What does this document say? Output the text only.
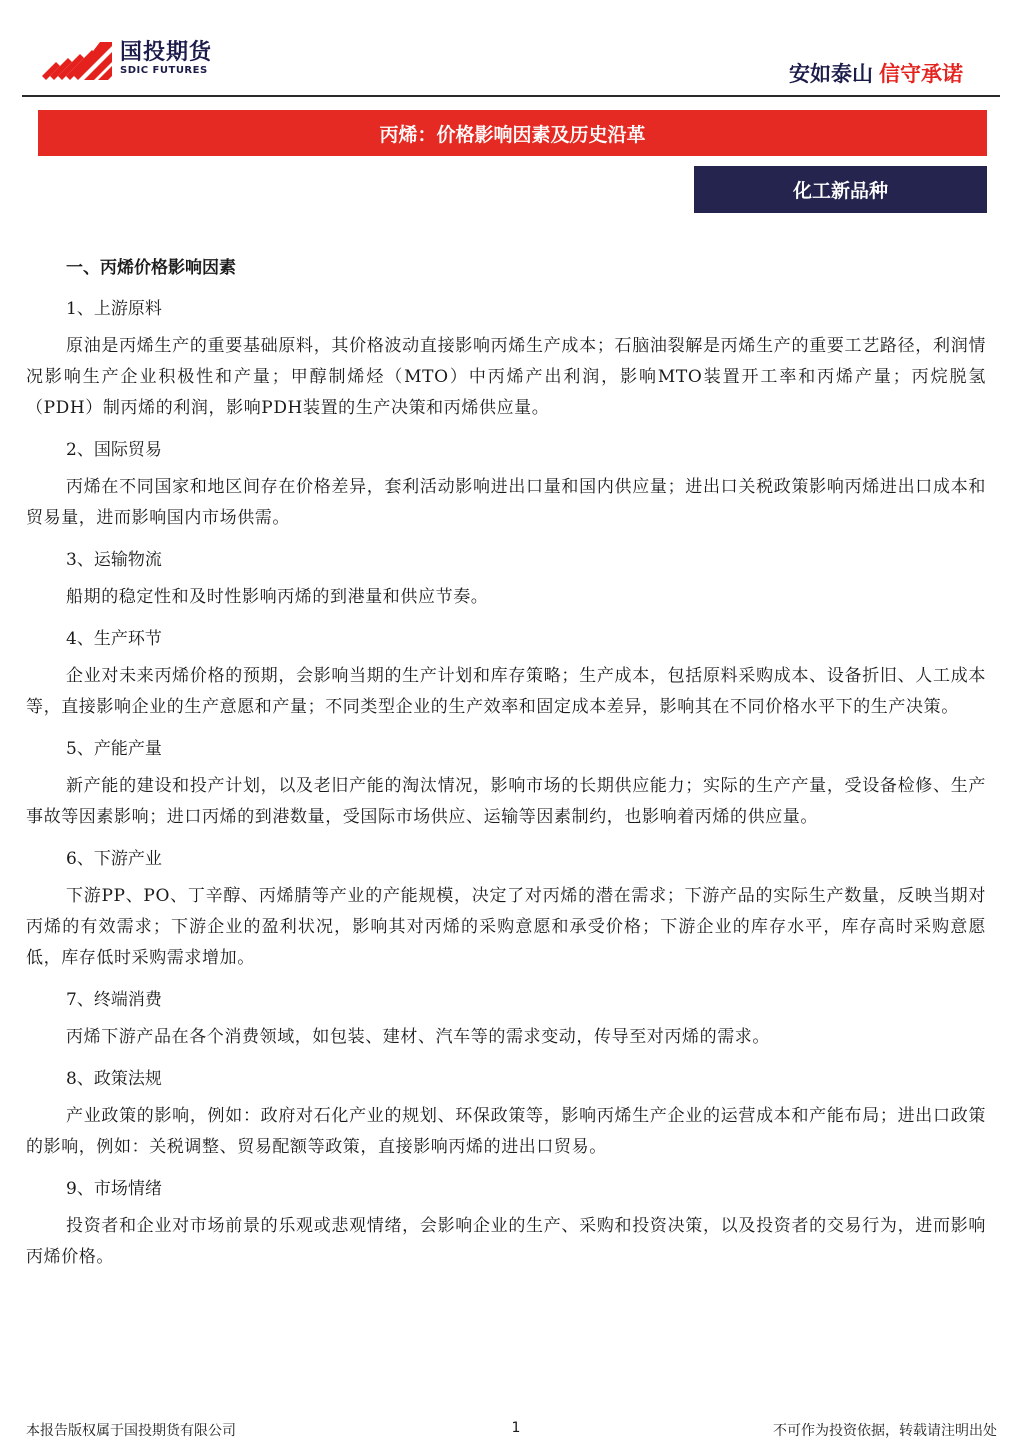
国投期货
SDIC FUTURES	安如泰山 信守承诺
丙烯：价格影响因素及历史沿革
化工新品种
一、丙烯价格影响因素
1、上游原料

原油是丙烯生产的重要基础原料，其价格波动直接影响丙烯生产成本；石脑油裂解是丙烯生产的重要工艺路径，利润情况影响生产企业积极性和产量；甲醇制烯烃（MTO）中丙烯产出利润，影响MTO装置开工率和丙烯产量；丙烷脱氢（PDH）制丙烯的利润，影响PDH装置的生产决策和丙烯供应量。

2、国际贸易

丙烯在不同国家和地区间存在价格差异，套利活动影响进出口量和国内供应量；进出口关税政策影响丙烯进出口成本和贸易量，进而影响国内市场供需。

3、运输物流

船期的稳定性和及时性影响丙烯的到港量和供应节奏。

4、生产环节

企业对未来丙烯价格的预期，会影响当期的生产计划和库存策略；生产成本，包括原料采购成本、设备折旧、人工成本等，直接影响企业的生产意愿和产量；不同类型企业的生产效率和固定成本差异，影响其在不同价格水平下的生产决策。

5、产能产量

新产能的建设和投产计划，以及老旧产能的淘汰情况，影响市场的长期供应能力；实际的生产产量，受设备检修、生产事故等因素影响；进口丙烯的到港数量，受国际市场供应、运输等因素制约，也影响着丙烯的供应量。

6、下游产业

下游PP、PO、丁辛醇、丙烯腈等产业的产能规模，决定了对丙烯的潜在需求；下游产品的实际生产数量，反映当期对丙烯的有效需求；下游企业的盈利状况，影响其对丙烯的采购意愿和承受价格；下游企业的库存水平，库存高时采购意愿低，库存低时采购需求增加。

7、终端消费

丙烯下游产品在各个消费领域，如包装、建材、汽车等的需求变动，传导至对丙烯的需求。

8、政策法规

产业政策的影响，例如：政府对石化产业的规划、环保政策等，影响丙烯生产企业的运营成本和产能布局；进出口政策的影响，例如：关税调整、贸易配额等政策，直接影响丙烯的进出口贸易。

9、市场情绪

投资者和企业对市场前景的乐观或悲观情绪，会影响企业的生产、采购和投资决策，以及投资者的交易行为，进而影响丙烯价格。

本报告版权属于国投期货有限公司	1	不可作为投资依据，转载请注明出处
